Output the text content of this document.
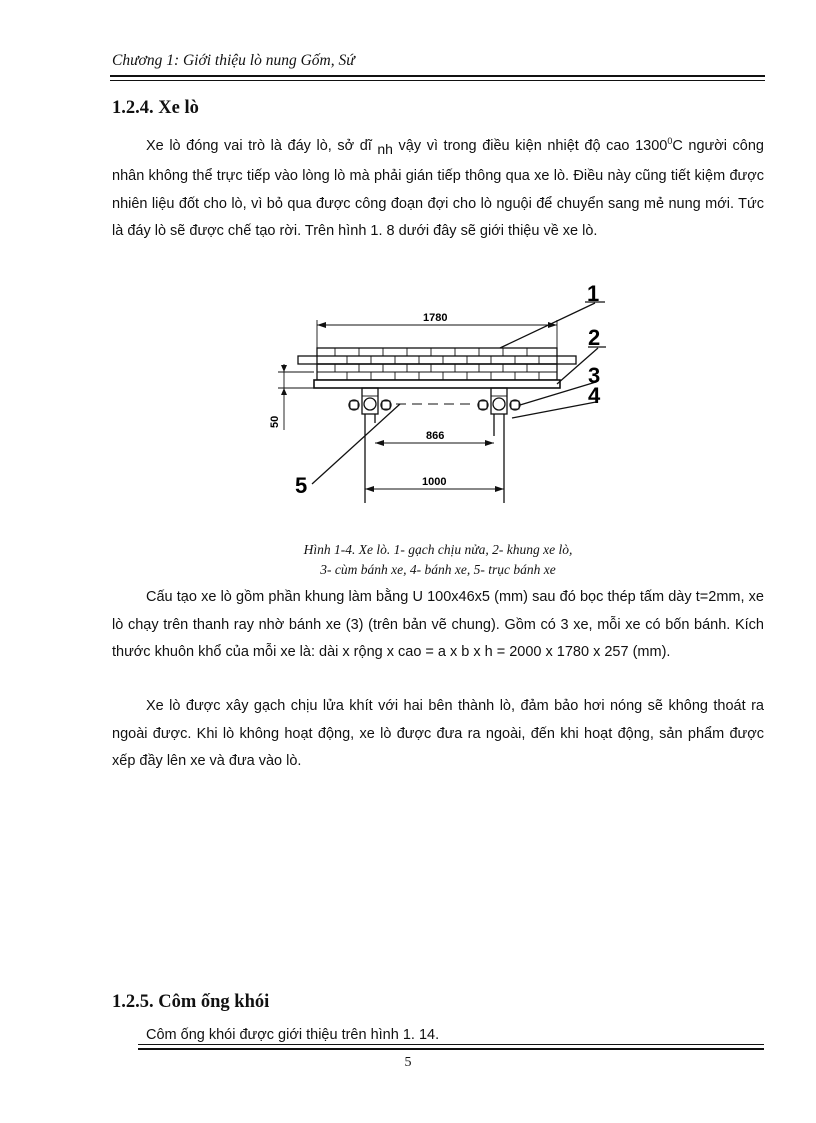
Chương 1: Giới thiệu lò nung Gốm, Sứ
1.2.4. Xe lò
Xe lò đóng vai trò là đáy lò, sở dĩ $_{nh}$ vậy vì trong điều kiện nhiệt độ cao 1300$^0$C người công nhân không thể trực tiếp vào lòng lò mà phải gián tiếp thông qua xe lò. Điều này cũng tiết kiệm được nhiên liệu đốt cho lò, vì bỏ qua được công đoạn đợi cho lò nguội để chuyển sang mẻ nung mới. Tức là đáy lò sẽ được chế tạo rời. Trên hình 1. 8 dưới đây sẽ giới thiệu về xe lò.
1780
50
866
1000
1
2
3
4
5
Hình 1-4. Xe lò. 1- gạch chịu nửa, 2- khung xe lò,
3- cùm bánh xe, 4- bánh xe, 5- trục bánh xe
Cấu tạo xe lò gồm phần khung làm bằng U 100x46x5 (mm) sau đó bọc thép tấm dày t=2mm, xe lò chạy trên thanh ray nhờ bánh xe (3) (trên bản vẽ chung). Gồm có 3 xe, mỗi xe có bốn bánh. Kích thước khuôn khổ của mỗi xe là: dài x rộng x cao = a x b x h = 2000 x 1780 x 257 (mm).
Xe lò được xây gạch chịu lửa khít với hai bên thành lò, đảm bảo hơi nóng sẽ không thoát ra ngoài được. Khi lò không hoạt động, xe lò được đưa ra ngoài, đến khi hoạt động, sản phẩm được xếp đầy lên xe và đưa vào lò.
1.2.5. Côm ống khói
Côm ống khói được giới thiệu trên hình 1. 14.
5
